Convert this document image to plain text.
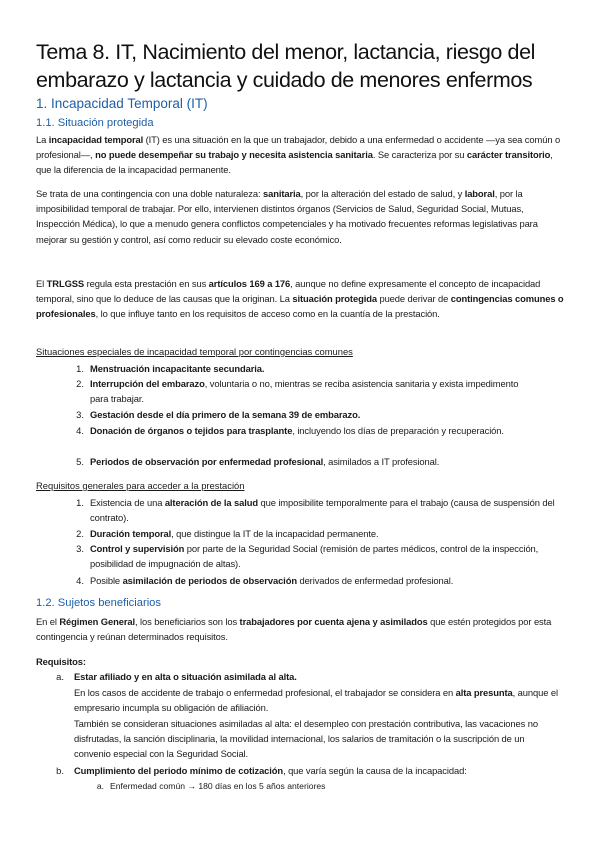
Tema 8. IT, Nacimiento del menor, lactancia, riesgo del embarazo y lactancia y cuidado de menores enfermos
1. Incapacidad Temporal (IT)
1.1. Situación protegida
La incapacidad temporal (IT) es una situación en la que un trabajador, debido a una enfermedad o accidente —ya sea común o profesional—, no puede desempeñar su trabajo y necesita asistencia sanitaria. Se caracteriza por su carácter transitorio, que la diferencia de la incapacidad permanente.
Se trata de una contingencia con una doble naturaleza: sanitaria, por la alteración del estado de salud, y laboral, por la imposibilidad temporal de trabajar. Por ello, intervienen distintos órganos (Servicios de Salud, Seguridad Social, Mutuas, Inspección Médica), lo que a menudo genera conflictos competenciales y ha motivado frecuentes reformas legislativas para mejorar su gestión y control, así como reducir su elevado coste económico.
El TRLGSS regula esta prestación en sus artículos 169 a 176, aunque no define expresamente el concepto de incapacidad temporal, sino que lo deduce de las causas que la originan. La situación protegida puede derivar de contingencias comunes o profesionales, lo que influye tanto en los requisitos de acceso como en la cuantía de la prestación.
Situaciones especiales de incapacidad temporal por contingencias comunes
1. Menstruación incapacitante secundaria.
2. Interrupción del embarazo, voluntaria o no, mientras se reciba asistencia sanitaria y exista impedimento para trabajar.
3. Gestación desde el día primero de la semana 39 de embarazo.
4. Donación de órganos o tejidos para trasplante, incluyendo los días de preparación y recuperación.
5. Periodos de observación por enfermedad profesional, asimilados a IT profesional.
Requisitos generales para acceder a la prestación
1. Existencia de una alteración de la salud que imposibilite temporalmente para el trabajo (causa de suspensión del contrato).
2. Duración temporal, que distingue la IT de la incapacidad permanente.
3. Control y supervisión por parte de la Seguridad Social (remisión de partes médicos, control de la inspección, posibilidad de impugnación de altas).
4. Posible asimilación de periodos de observación derivados de enfermedad profesional.
1.2. Sujetos beneficiarios
En el Régimen General, los beneficiarios son los trabajadores por cuenta ajena y asimilados que estén protegidos por esta contingencia y reúnan determinados requisitos.
Requisitos:
a. Estar afiliado y en alta o situación asimilada al alta.
En los casos de accidente de trabajo o enfermedad profesional, el trabajador se considera en alta presunta, aunque el empresario incumpla su obligación de afiliación.
También se consideran situaciones asimiladas al alta: el desempleo con prestación contributiva, las vacaciones no disfrutadas, la sanción disciplinaria, la movilidad internacional, los salarios de tramitación o la suscripción de un convenio especial con la Seguridad Social.
b. Cumplimiento del periodo mínimo de cotización, que varía según la causa de la incapacidad:
a. Enfermedad común → 180 días en los 5 años anteriores
